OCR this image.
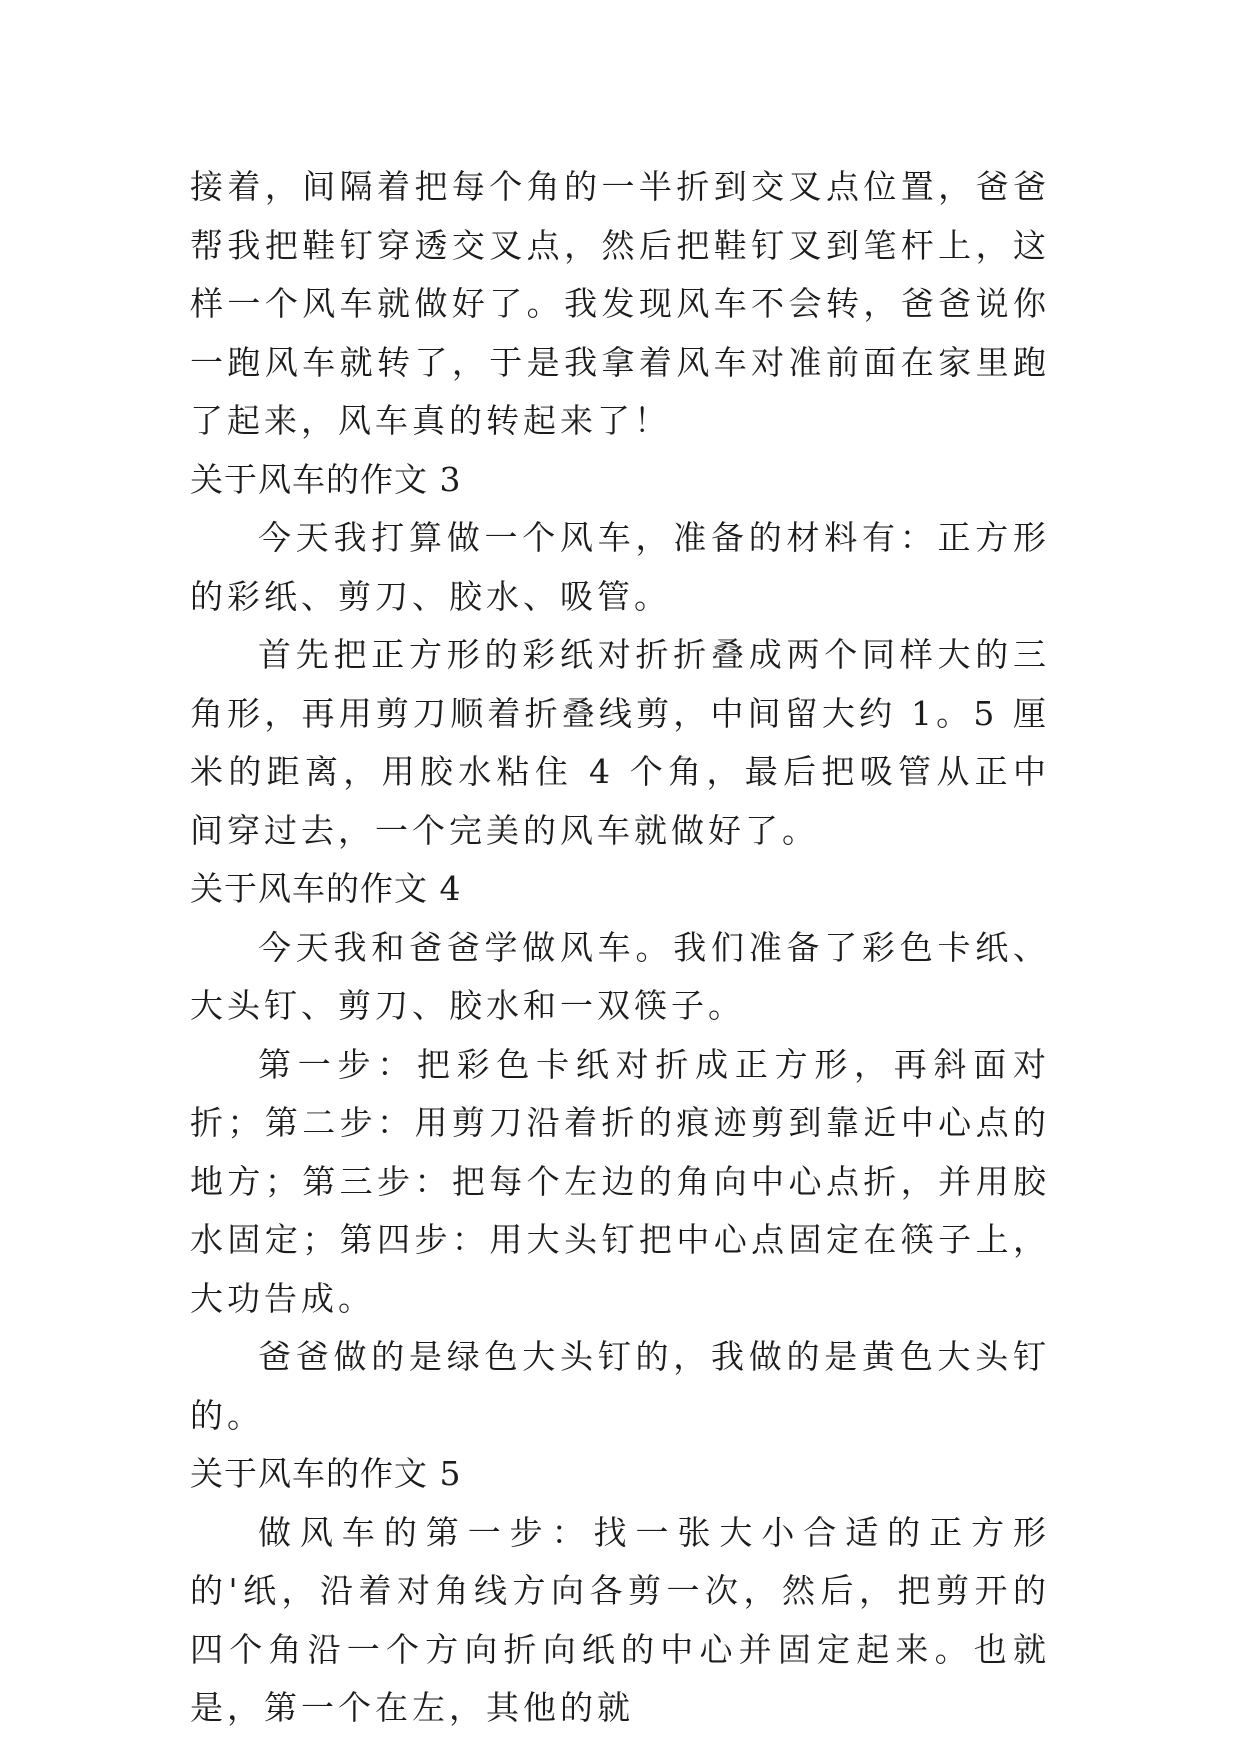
接着，间隔着把每个角的一半折到交叉点位置，爸爸帮我把鞋钉穿透交叉点，然后把鞋钉叉到笔杆上，这样一个风车就做好了。我发现风车不会转，爸爸说你一跑风车就转了，于是我拿着风车对准前面在家里跑了起来，风车真的转起来了！

关于风车的作文 3

今天我打算做一个风车，准备的材料有：正方形的彩纸、剪刀、胶水、吸管。

首先把正方形的彩纸对折折叠成两个同样大的三角形，再用剪刀顺着折叠线剪，中间留大约 1。5 厘米的距离，用胶水粘住 4 个角，最后把吸管从正中间穿过去，一个完美的风车就做好了。

关于风车的作文 4

今天我和爸爸学做风车。我们准备了彩色卡纸、大头钉、剪刀、胶水和一双筷子。

第一步：把彩色卡纸对折成正方形，再斜面对折；第二步：用剪刀沿着折的痕迹剪到靠近中心点的地方；第三步：把每个左边的角向中心点折，并用胶水固定；第四步：用大头钉把中心点固定在筷子上，大功告成。

爸爸做的是绿色大头钉的，我做的是黄色大头钉的。

关于风车的作文 5

做风车的第一步：找一张大小合适的正方形的'纸，沿着对角线方向各剪一次，然后，把剪开的四个角沿一个方向折向纸的中心并固定起来。也就是，第一个在左，其他的就
